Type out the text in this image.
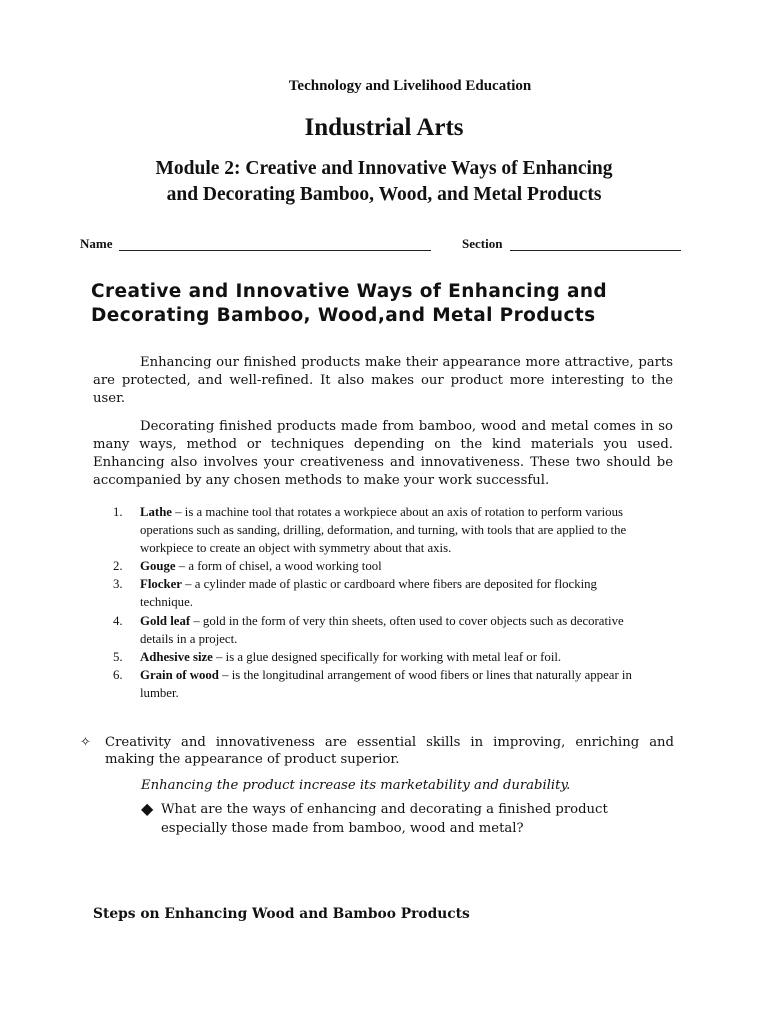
Technology and Livelihood Education
Industrial Arts
Module 2: Creative and Innovative Ways of Enhancing
and Decorating Bamboo, Wood, and Metal Products
Name	Section
Creative and Innovative Ways of Enhancing and
Decorating Bamboo, Wood,and Metal Products
Enhancing our finished products make their appearance more attractive, parts are protected, and well-refined. It also makes our product more interesting to the user.
Decorating finished products made from bamboo, wood and metal comes in so many ways, method or techniques depending on the kind materials you used. Enhancing also involves your creativeness and innovativeness. These two should be accompanied by any chosen methods to make your work successful.
1. Lathe – is a machine tool that rotates a workpiece about an axis of rotation to perform various operations such as sanding, drilling, deformation, and turning, with tools that are applied to the workpiece to create an object with symmetry about that axis.
2. Gouge – a form of chisel, a wood working tool
3. Flocker – a cylinder made of plastic or cardboard where fibers are deposited for flocking technique.
4. Gold leaf – gold in the form of very thin sheets, often used to cover objects such as decorative details in a project.
5. Adhesive size – is a glue designed specifically for working with metal leaf or foil.
6. Grain of wood – is the longitudinal arrangement of wood fibers or lines that naturally appear in lumber.
✧ Creativity and innovativeness are essential skills in improving, enriching and making the appearance of product superior.
Enhancing the product increase its marketability and durability.
◆ What are the ways of enhancing and decorating a finished product
especially those made from bamboo, wood and metal?
Steps on Enhancing Wood and Bamboo Products
